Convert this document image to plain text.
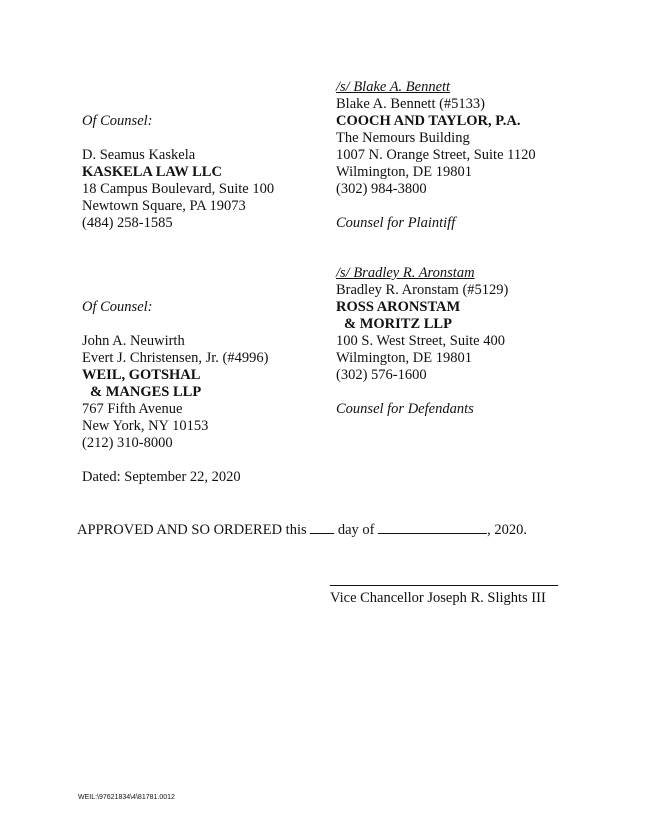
/s/ Blake A. Bennett
Blake A. Bennett (#5133)
COOCH AND TAYLOR, P.A.
The Nemours Building
1007 N. Orange Street, Suite 1120
Wilmington, DE 19801
(302) 984-3800
Counsel for Plaintiff
Of Counsel:
D. Seamus Kaskela
KASKELA LAW LLC
18 Campus Boulevard, Suite 100
Newtown Square, PA 19073
(484) 258-1585
/s/ Bradley R. Aronstam
Bradley R. Aronstam (#5129)
ROSS ARONSTAM
& MORITZ LLP
100 S. West Street, Suite 400
Wilmington, DE 19801
(302) 576-1600
Counsel for Defendants
Of Counsel:
John A. Neuwirth
Evert J. Christensen, Jr. (#4996)
WEIL, GOTSHAL
& MANGES LLP
767 Fifth Avenue
New York, NY 10153
(212) 310-8000
Dated: September 22, 2020
APPROVED AND SO ORDERED this day of	, 2020.
Vice Chancellor Joseph R. Slights III
WEIL:\97621834\4\81781.0012
